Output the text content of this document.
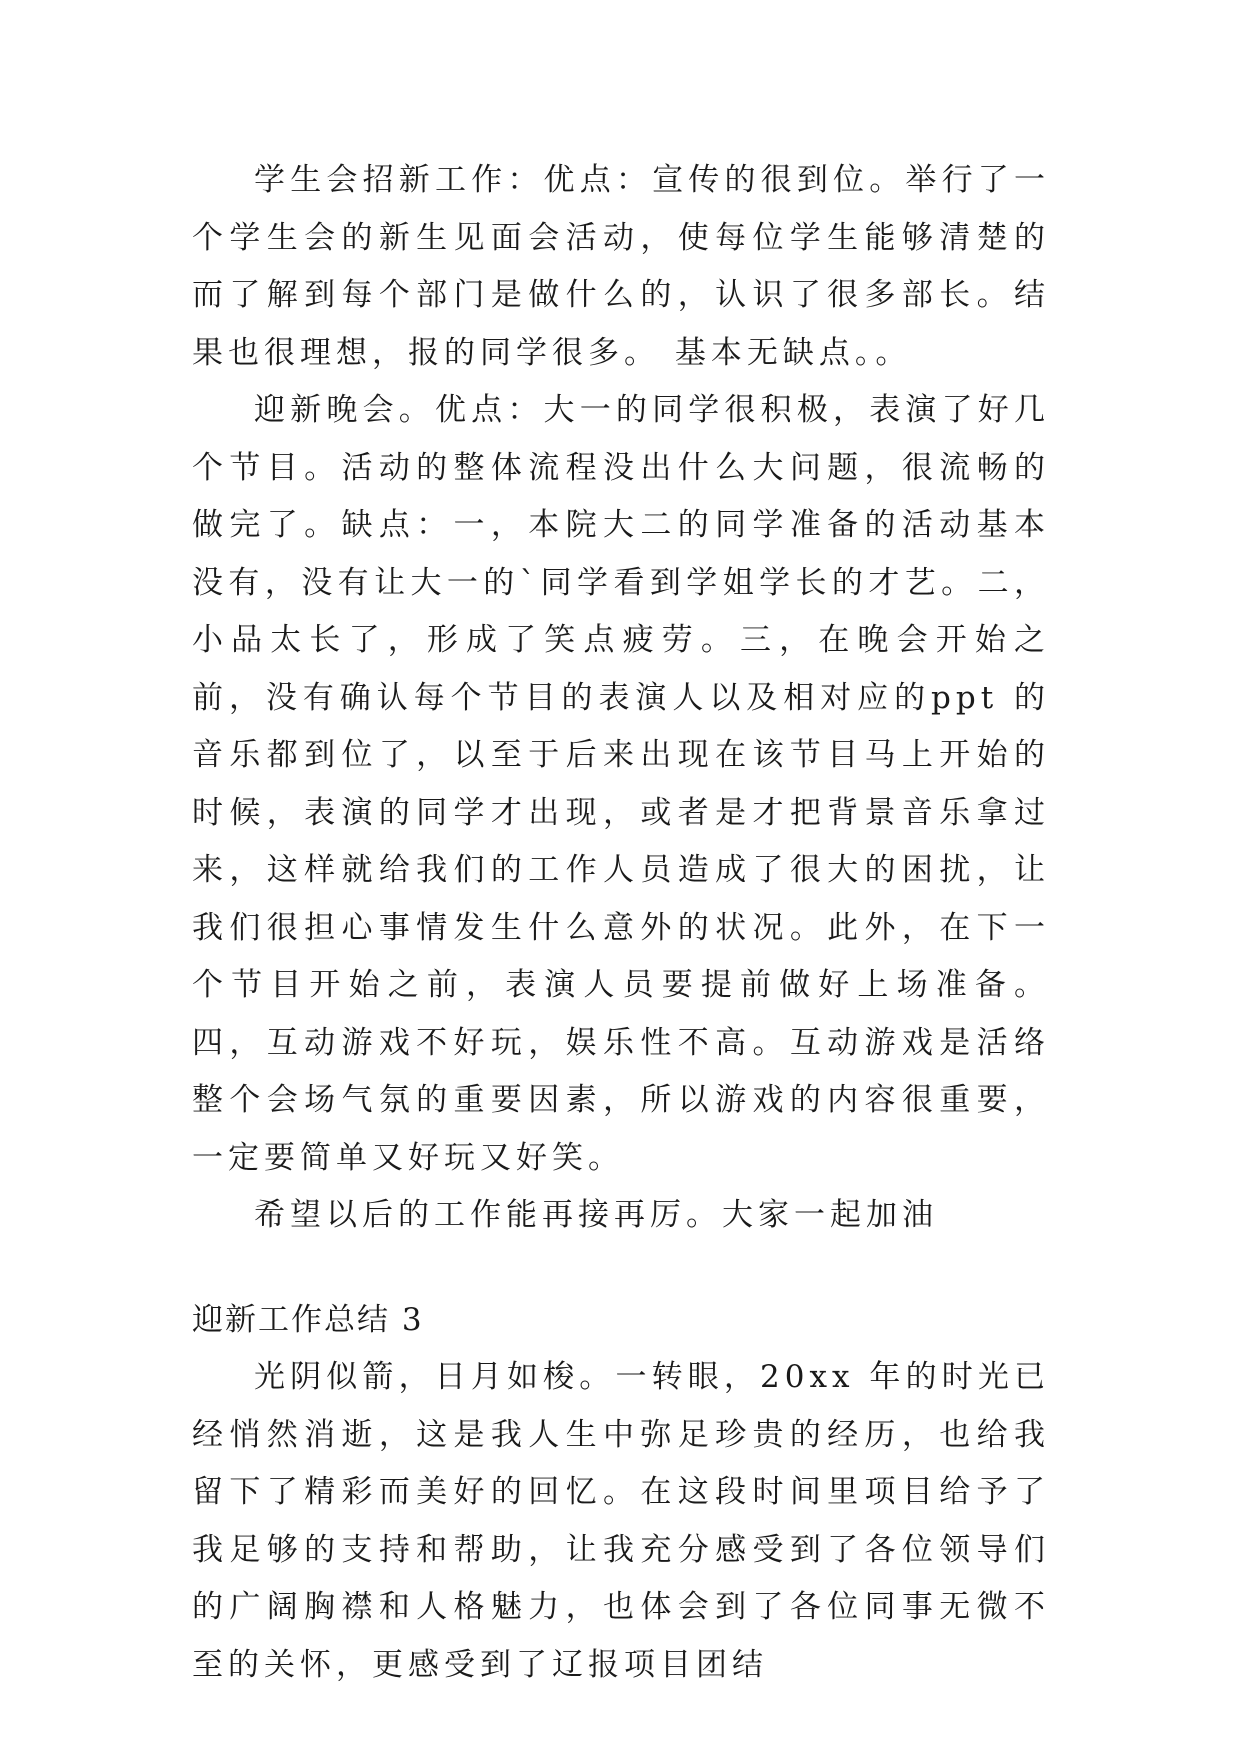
学生会招新工作：优点：宣传的很到位。举行了一个学生会的新生见面会活动，使每位学生能够清楚的而了解到每个部门是做什么的，认识了很多部长。结果也很理想，报的同学很多。 基本无缺点。。

迎新晚会。优点：大一的同学很积极，表演了好几个节目。活动的整体流程没出什么大问题，很流畅的做完了。缺点：一，本院大二的同学准备的活动基本没有，没有让大一的`同学看到学姐学长的才艺。二，小品太长了，形成了笑点疲劳。三，在晚会开始之前，没有确认每个节目的表演人以及相对应的ppt 的音乐都到位了，以至于后来出现在该节目马上开始的时候，表演的同学才出现，或者是才把背景音乐拿过来，这样就给我们的工作人员造成了很大的困扰，让我们很担心事情发生什么意外的状况。此外，在下一个节目开始之前，表演人员要提前做好上场准备。四，互动游戏不好玩，娱乐性不高。互动游戏是活络整个会场气氛的重要因素，所以游戏的内容很重要，一定要简单又好玩又好笑。

希望以后的工作能再接再厉。大家一起加油

迎新工作总结 3

光阴似箭，日月如梭。一转眼，20xx 年的时光已经悄然消逝，这是我人生中弥足珍贵的经历，也给我留下了精彩而美好的回忆。在这段时间里项目给予了我足够的支持和帮助，让我充分感受到了各位领导们的广阔胸襟和人格魅力，也体会到了各位同事无微不至的关怀，更感受到了辽报项目团结
